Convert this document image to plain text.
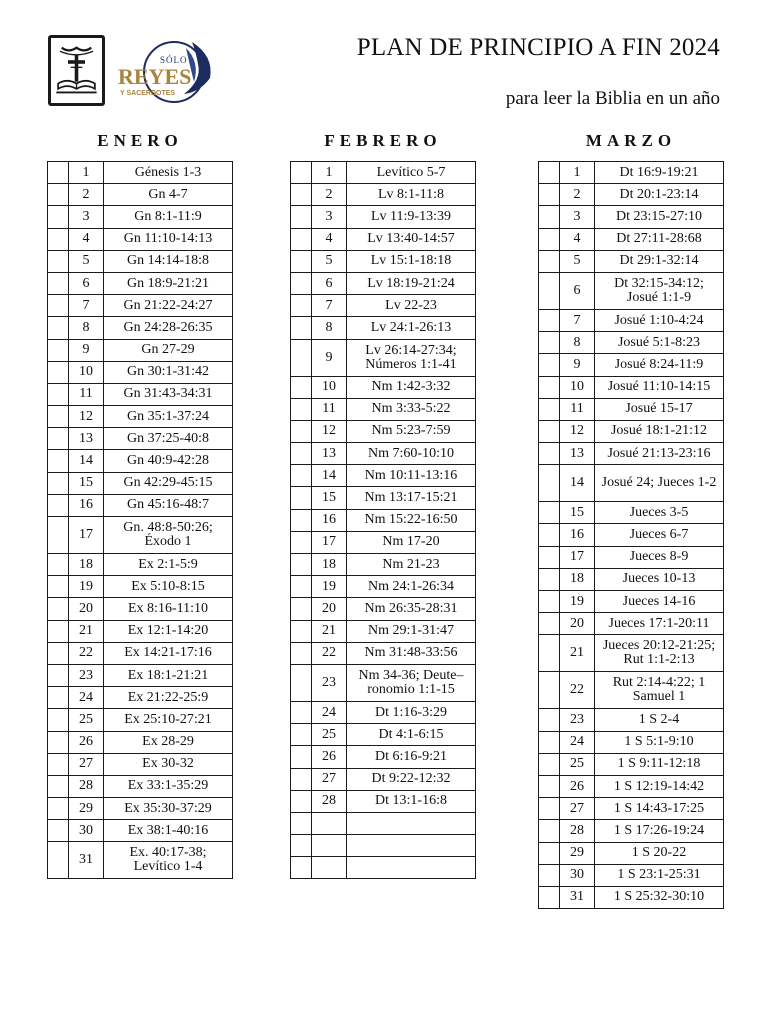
SÓLO
REYES
Y SACERDOTES
PLAN DE PRINCIPIO A FIN 2024
para leer la Biblia en un año
ENERO
	1	Génesis 1-3
	2	Gn 4-7
	3	Gn 8:1-11:9
	4	Gn 11:10-14:13
	5	Gn 14:14-18:8
	6	Gn 18:9-21:21
	7	Gn 21:22-24:27
	8	Gn 24:28-26:35
	9	Gn 27-29
	10	Gn 30:1-31:42
	11	Gn 31:43-34:31
	12	Gn 35:1-37:24
	13	Gn 37:25-40:8
	14	Gn 40:9-42:28
	15	Gn 42:29-45:15
	16	Gn 45:16-48:7
	17	Gn. 48:8-50:26; Éxodo 1
	18	Ex 2:1-5:9
	19	Ex 5:10-8:15
	20	Ex 8:16-11:10
	21	Ex 12:1-14:20
	22	Ex 14:21-17:16
	23	Ex 18:1-21:21
	24	Ex 21:22-25:9
	25	Ex 25:10-27:21
	26	Ex 28-29
	27	Ex 30-32
	28	Ex 33:1-35:29
	29	Ex 35:30-37:29
	30	Ex 38:1-40:16
	31	Ex. 40:17-38; Levítico 1-4
FEBRERO
	1	Levítico 5-7
	2	Lv 8:1-11:8
	3	Lv 11:9-13:39
	4	Lv 13:40-14:57
	5	Lv 15:1-18:18
	6	Lv 18:19-21:24
	7	Lv 22-23
	8	Lv 24:1-26:13
	9	Lv 26:14-27:34; Números 1:1-41
	10	Nm 1:42-3:32
	11	Nm 3:33-5:22
	12	Nm 5:23-7:59
	13	Nm 7:60-10:10
	14	Nm 10:11-13:16
	15	Nm 13:17-15:21
	16	Nm 15:22-16:50
	17	Nm 17-20
	18	Nm 21-23
	19	Nm 24:1-26:34
	20	Nm 26:35-28:31
	21	Nm 29:1-31:47
	22	Nm 31:48-33:56
	23	Nm 34-36; Deute–ronomio 1:1-15
	24	Dt 1:16-3:29
	25	Dt 4:1-6:15
	26	Dt 6:16-9:21
	27	Dt 9:22-12:32
	28	Dt 13:1-16:8

MARZO
	1	Dt 16:9-19:21
	2	Dt 20:1-23:14
	3	Dt 23:15-27:10
	4	Dt 27:11-28:68
	5	Dt 29:1-32:14
	6	Dt 32:15-34:12; Josué 1:1-9
	7	Josué 1:10-4:24
	8	Josué 5:1-8:23
	9	Josué 8:24-11:9
	10	Josué 11:10-14:15
	11	Josué 15-17
	12	Josué 18:1-21:12
	13	Josué 21:13-23:16
	14	Josué 24; Jueces 1-2
	15	Jueces 3-5
	16	Jueces 6-7
	17	Jueces 8-9
	18	Jueces 10-13
	19	Jueces 14-16
	20	Jueces 17:1-20:11
	21	Jueces 20:12-21:25; Rut 1:1-2:13
	22	Rut 2:14-4:22; 1 Samuel 1
	23	1 S 2-4
	24	1 S 5:1-9:10
	25	1 S 9:11-12:18
	26	1 S 12:19-14:42
	27	1 S 14:43-17:25
	28	1 S 17:26-19:24
	29	1 S 20-22
	30	1 S 23:1-25:31
	31	1 S 25:32-30:10
